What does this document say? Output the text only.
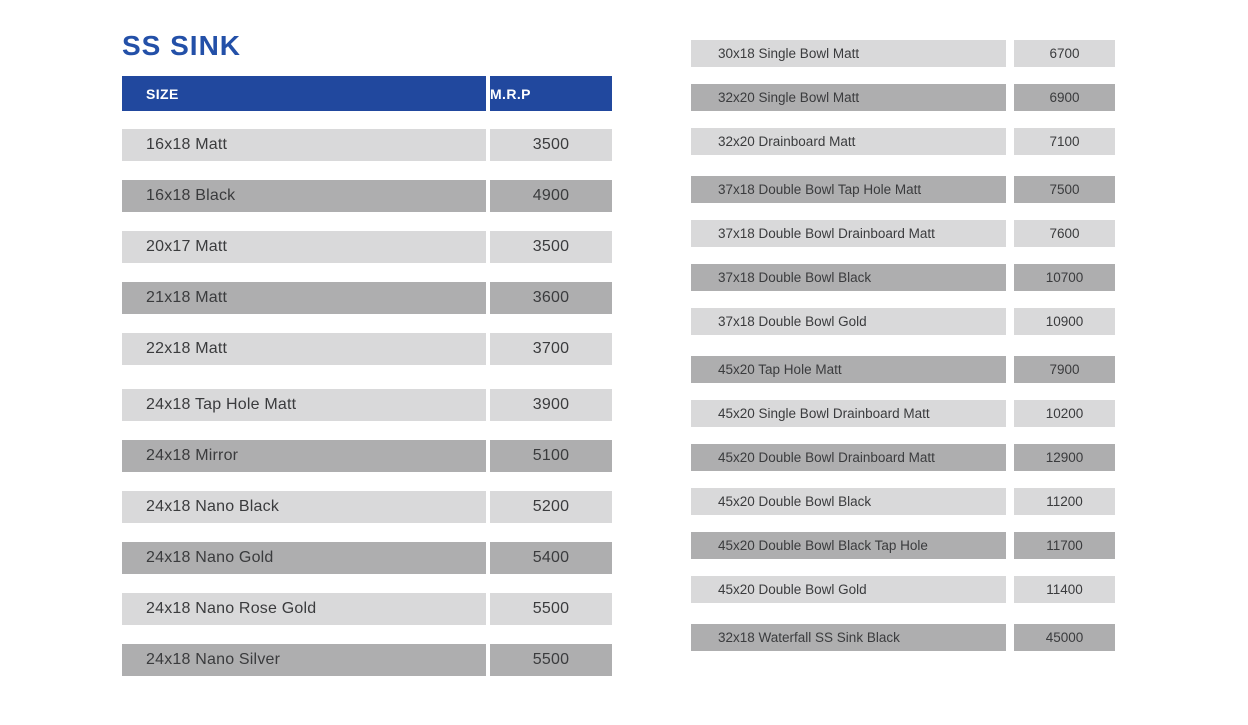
SS SINK
SIZE	M.R.P
16x18 Matt	3500
16x18 Black	4900
20x17 Matt	3500
21x18 Matt	3600
22x18 Matt	3700
24x18 Tap Hole Matt	3900
24x18 Mirror	5100
24x18 Nano Black	5200
24x18 Nano Gold	5400
24x18 Nano Rose Gold	5500
24x18 Nano Silver	5500
30x18 Single Bowl Matt	6700
32x20 Single Bowl Matt	6900
32x20 Drainboard Matt	7100
37x18 Double Bowl Tap Hole Matt	7500
37x18 Double Bowl Drainboard Matt	7600
37x18 Double Bowl Black	10700
37x18 Double Bowl Gold	10900
45x20 Tap Hole Matt	7900
45x20 Single Bowl Drainboard Matt	10200
45x20 Double Bowl Drainboard Matt	12900
45x20 Double Bowl Black	11200
45x20 Double Bowl Black Tap Hole	11700
45x20 Double Bowl Gold	11400
32x18 Waterfall SS Sink Black	45000
